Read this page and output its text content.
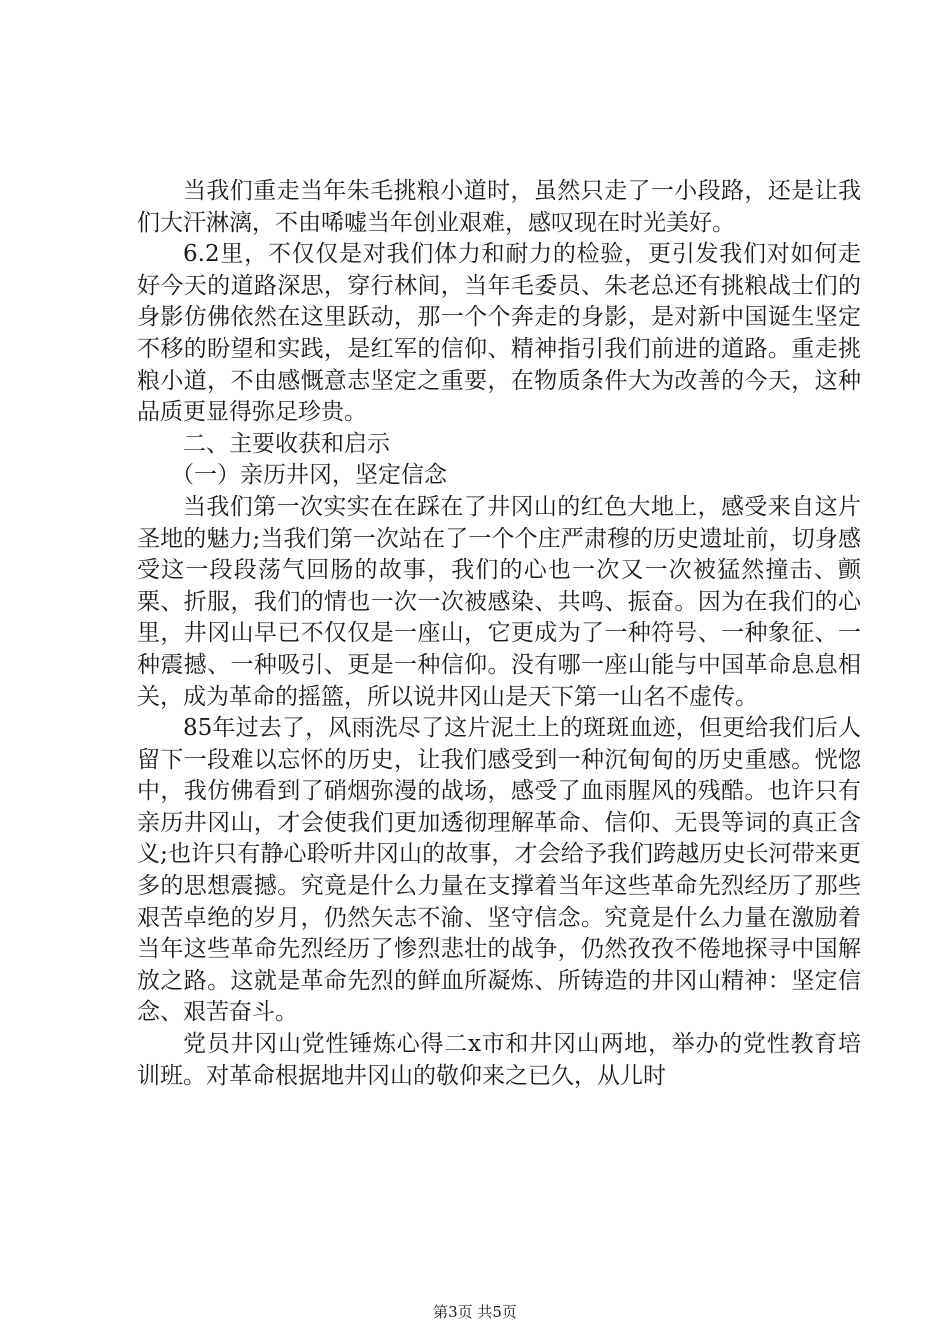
当我们重走当年朱毛挑粮小道时，虽然只走了一小段路，还是让我们大汗淋漓，不由唏嘘当年创业艰难，感叹现在时光美好。

6.2里，不仅仅是对我们体力和耐力的检验，更引发我们对如何走好今天的道路深思，穿行林间，当年毛委员、朱老总还有挑粮战士们的身影仿佛依然在这里跃动，那一个个奔走的身影，是对新中国诞生坚定不移的盼望和实践，是红军的信仰、精神指引我们前进的道路。重走挑粮小道，不由感慨意志坚定之重要，在物质条件大为改善的今天，这种品质更显得弥足珍贵。

二、主要收获和启示

（一）亲历井冈，坚定信念

当我们第一次实实在在踩在了井冈山的红色大地上，感受来自这片圣地的魅力;当我们第一次站在了一个个庄严肃穆的历史遗址前，切身感受这一段段荡气回肠的故事，我们的心也一次又一次被猛然撞击、颤栗、折服，我们的情也一次一次被感染、共鸣、振奋。因为在我们的心里，井冈山早已不仅仅是一座山，它更成为了一种符号、一种象征、一种震撼、一种吸引、更是一种信仰。没有哪一座山能与中国革命息息相关，成为革命的摇篮，所以说井冈山是天下第一山名不虚传。

85年过去了，风雨洗尽了这片泥土上的斑斑血迹，但更给我们后人留下一段难以忘怀的历史，让我们感受到一种沉甸甸的历史重感。恍惚中，我仿佛看到了硝烟弥漫的战场，感受了血雨腥风的残酷。也许只有亲历井冈山，才会使我们更加透彻理解革命、信仰、无畏等词的真正含义;也许只有静心聆听井冈山的故事，才会给予我们跨越历史长河带来更多的思想震撼。究竟是什么力量在支撑着当年这些革命先烈经历了那些艰苦卓绝的岁月，仍然矢志不渝、坚守信念。究竟是什么力量在激励着当年这些革命先烈经历了惨烈悲壮的战争，仍然孜孜不倦地探寻中国解放之路。这就是革命先烈的鲜血所凝炼、所铸造的井冈山精神：坚定信念、艰苦奋斗。

党员井冈山党性锤炼心得二x市和井冈山两地，举办的党性教育培训班。对革命根据地井冈山的敬仰来之已久，从儿时

第3页 共5页
